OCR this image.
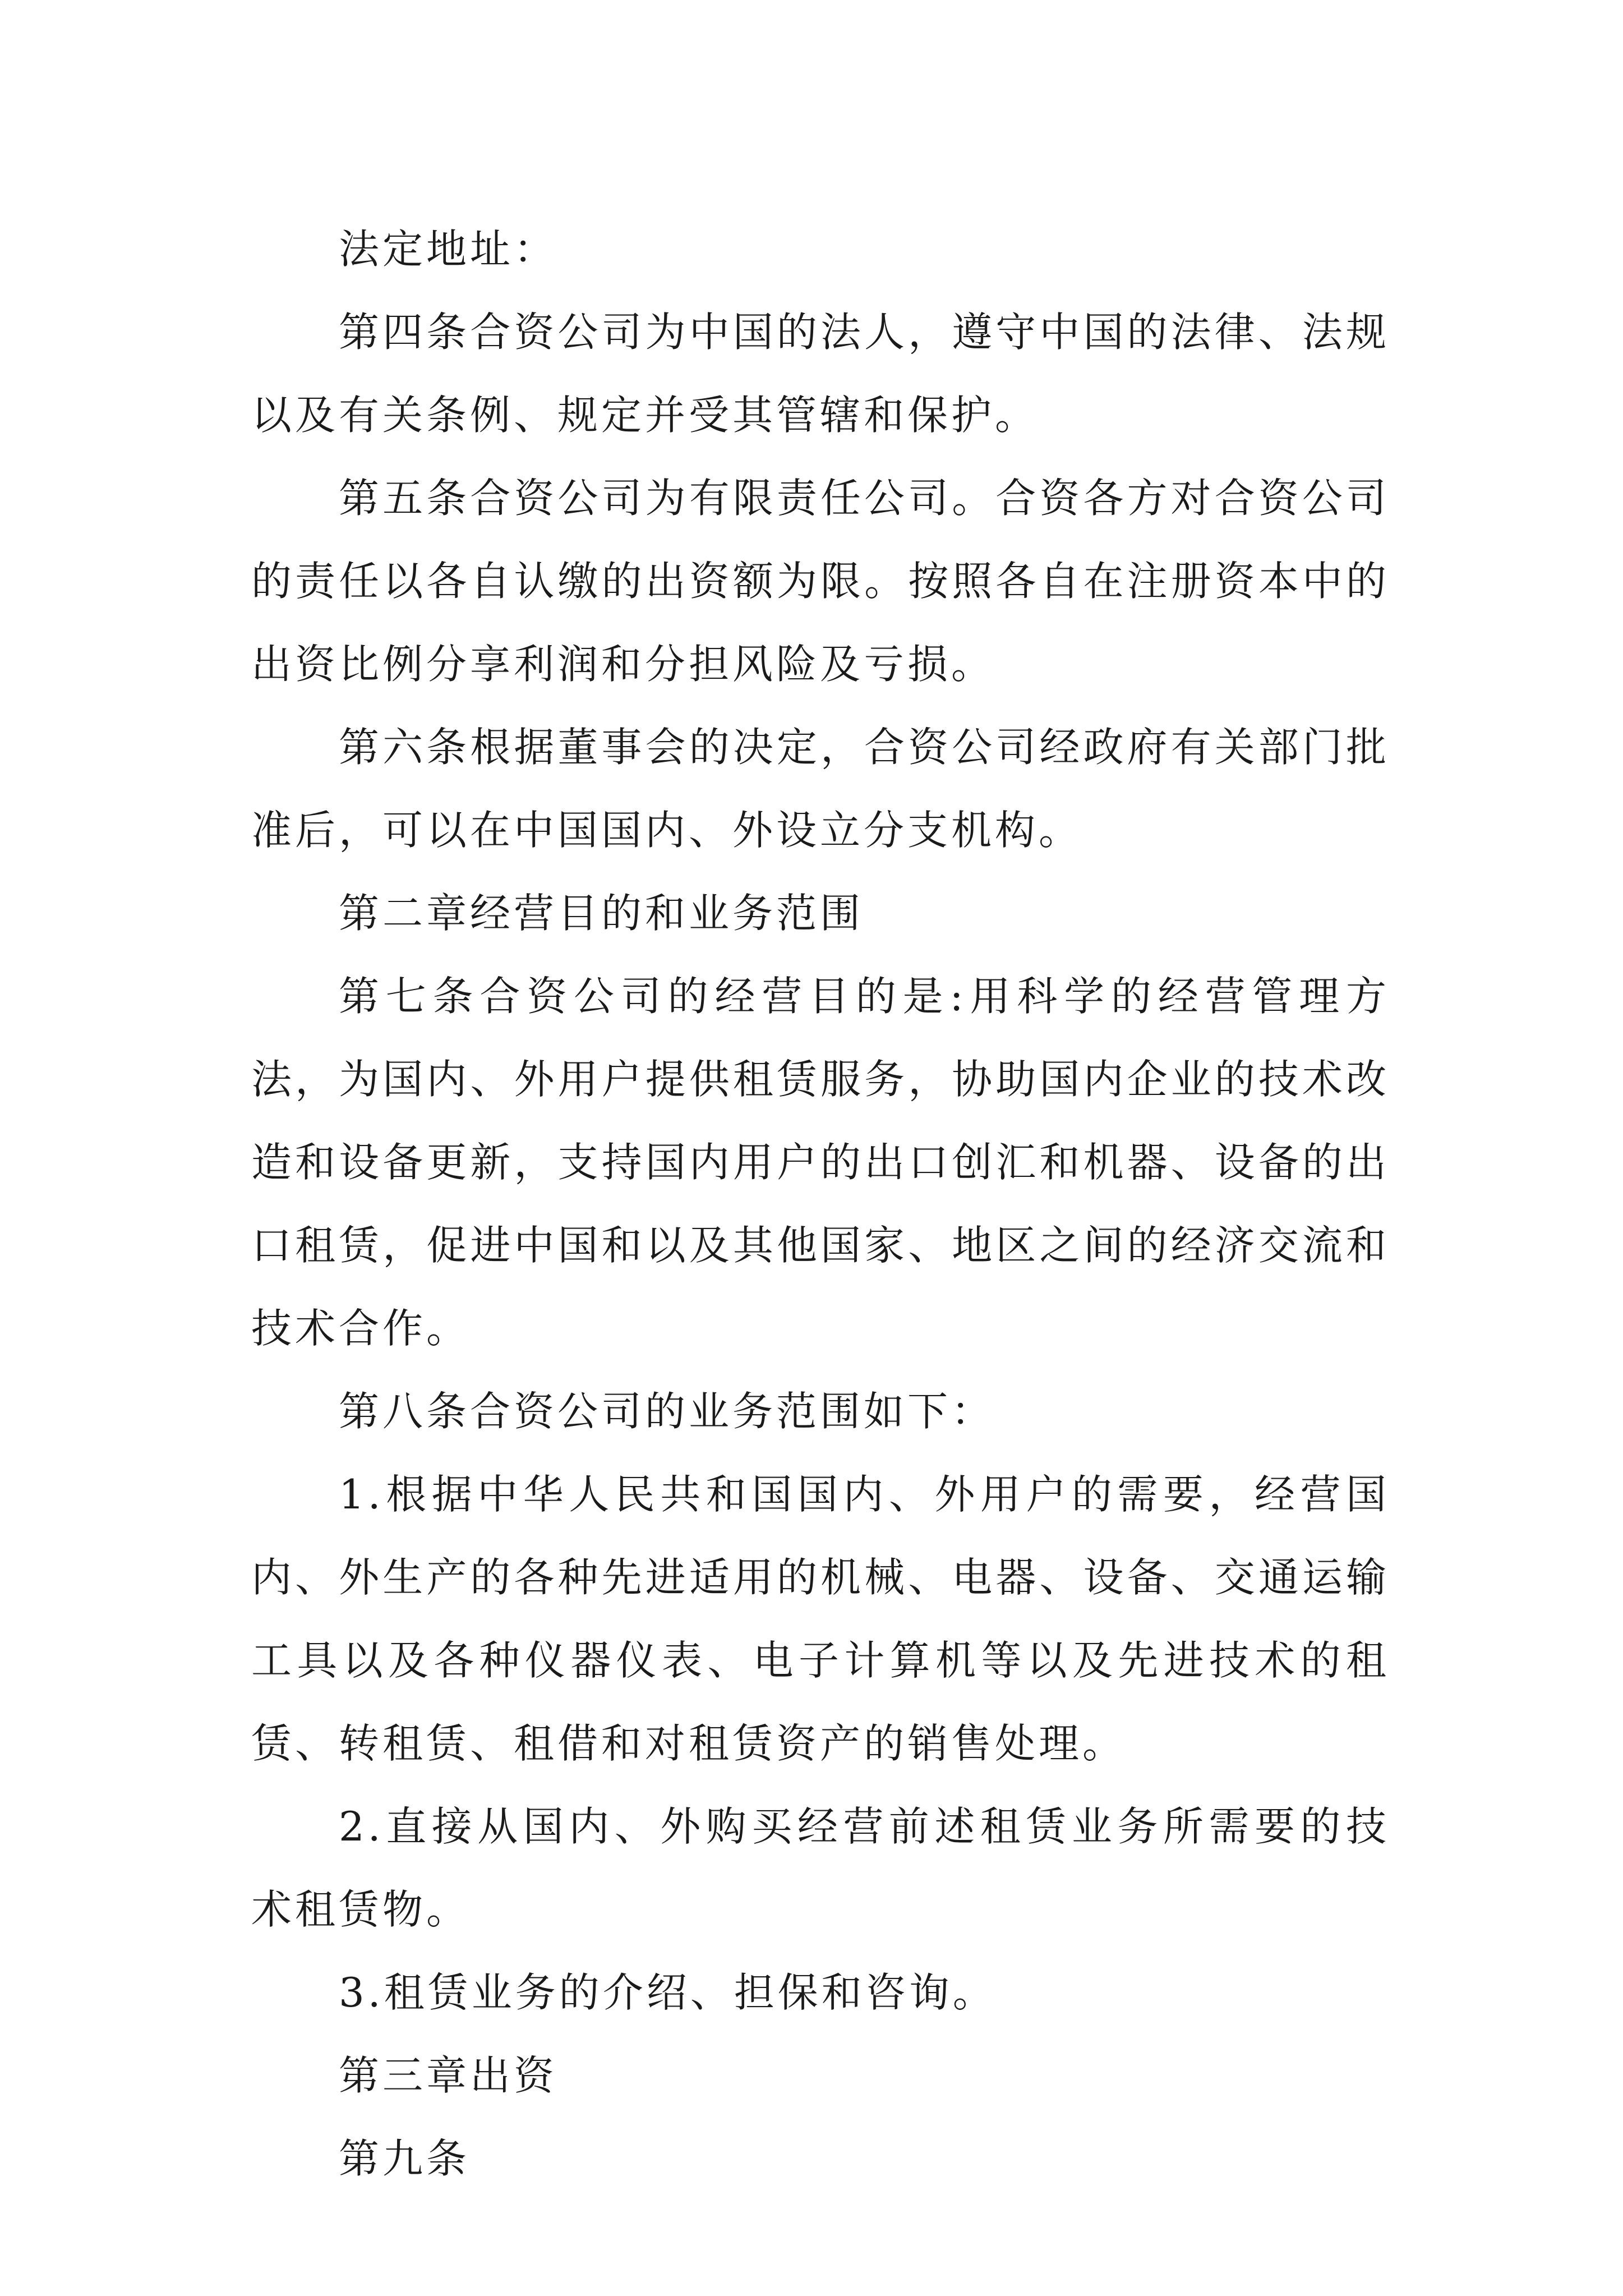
法定地址：

第四条合资公司为中国的法人，遵守中国的法律、法规以及有关条例、规定并受其管辖和保护。

第五条合资公司为有限责任公司。合资各方对合资公司的责任以各自认缴的出资额为限。按照各自在注册资本中的出资比例分享利润和分担风险及亏损。

第六条根据董事会的决定，合资公司经政府有关部门批准后，可以在中国国内、外设立分支机构。

第二章经营目的和业务范围

第七条合资公司的经营目的是:用科学的经营管理方法，为国内、外用户提供租赁服务，协助国内企业的技术改造和设备更新，支持国内用户的出口创汇和机器、设备的出口租赁，促进中国和以及其他国家、地区之间的经济交流和技术合作。

第八条合资公司的业务范围如下：

1.根据中华人民共和国国内、外用户的需要，经营国内、外生产的各种先进适用的机械、电器、设备、交通运输工具以及各种仪器仪表、电子计算机等以及先进技术的租赁、转租赁、租借和对租赁资产的销售处理。

2.直接从国内、外购买经营前述租赁业务所需要的技术租赁物。

3.租赁业务的介绍、担保和咨询。

第三章出资

第九条
